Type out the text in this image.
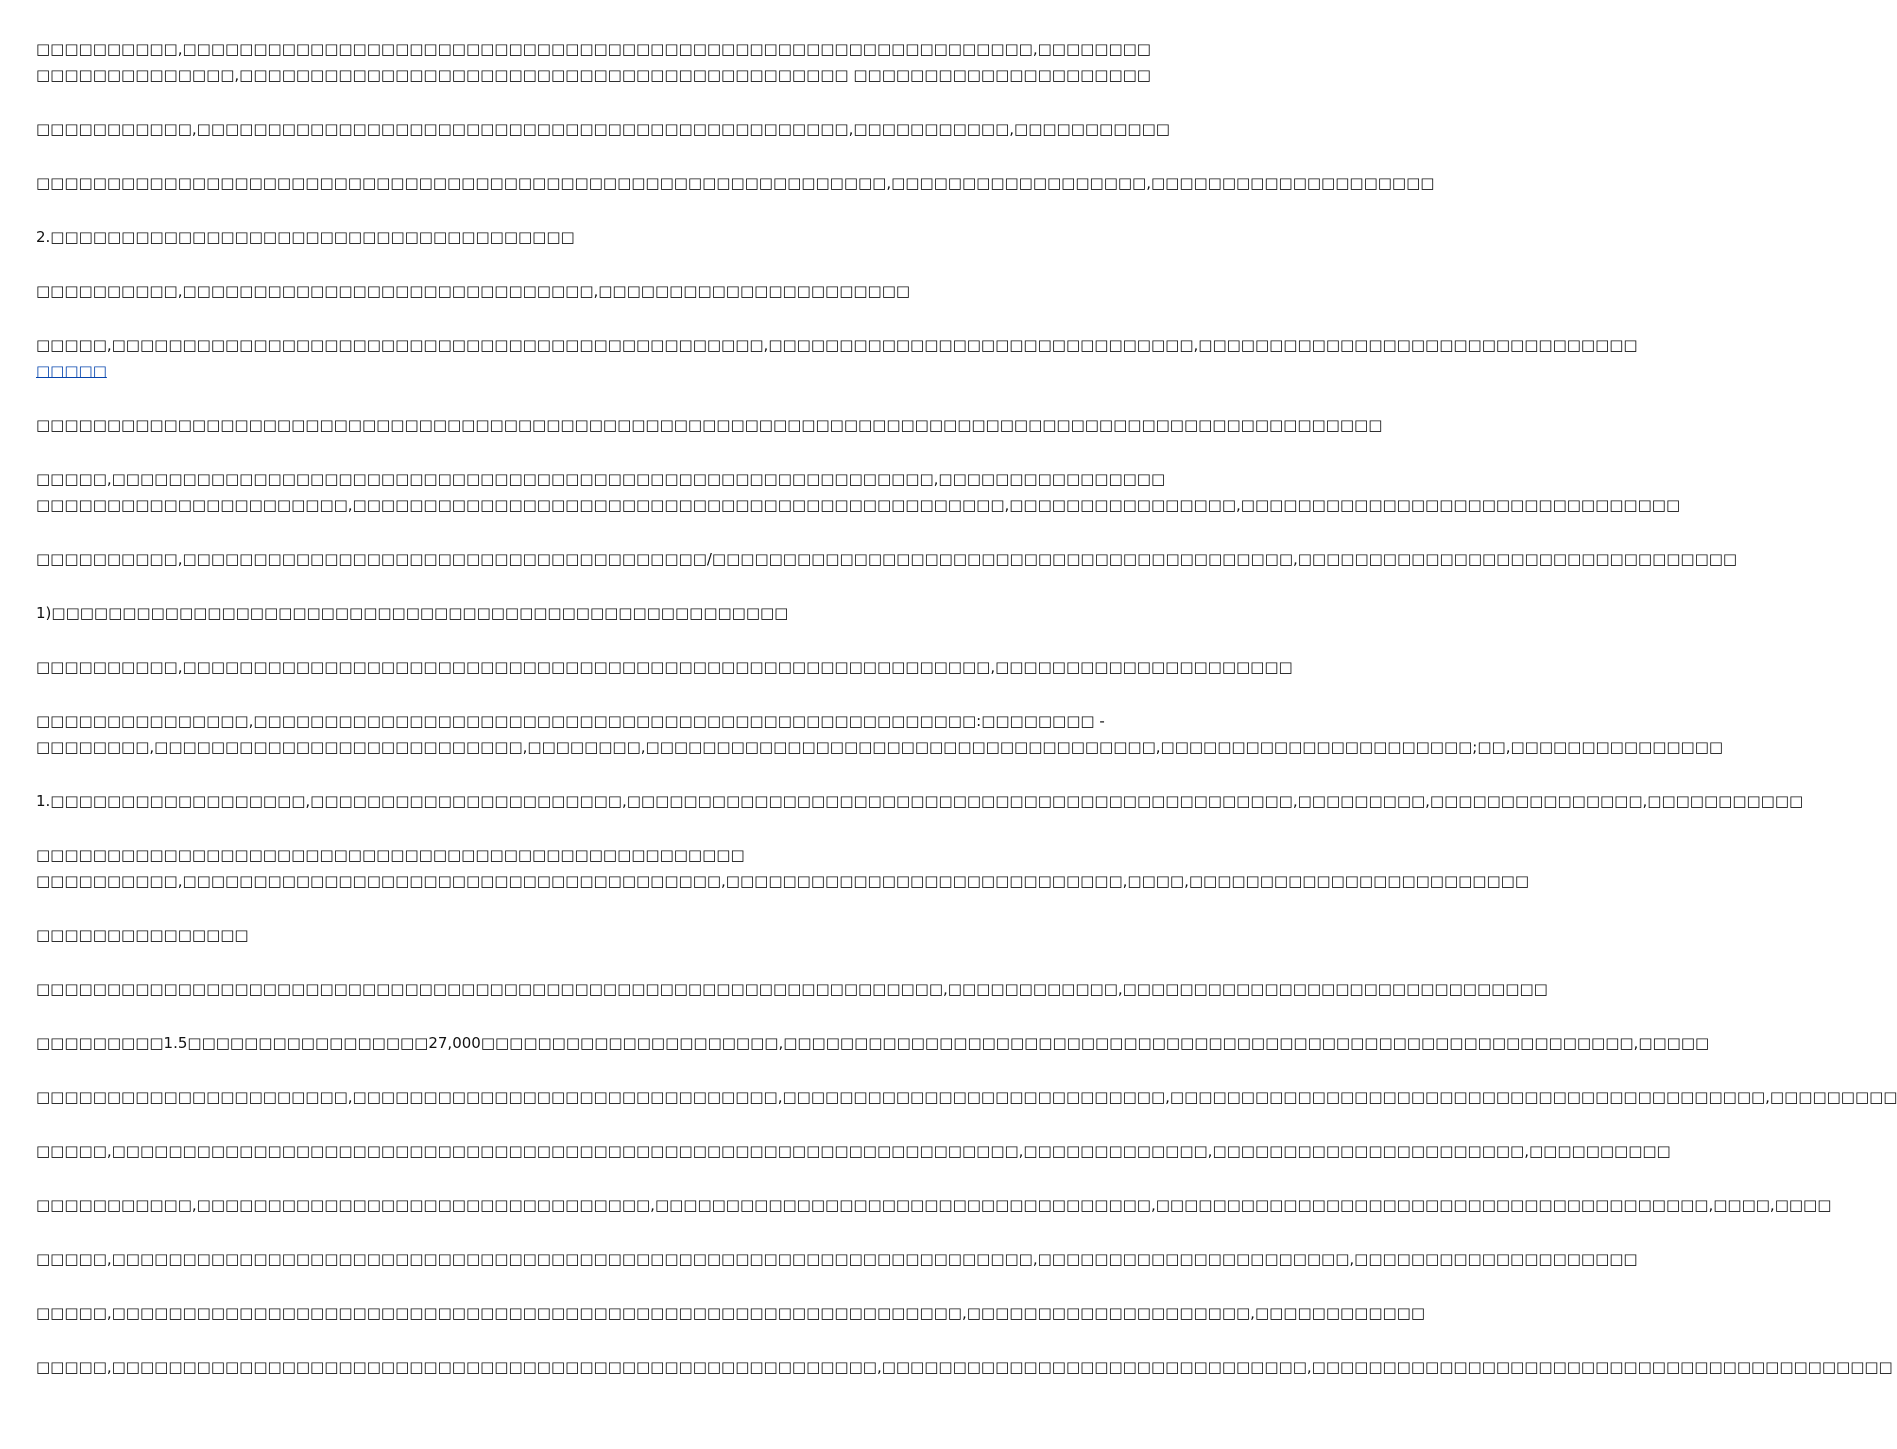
□□□□□□□□□□,□□□□□□□□□□□□□□□□□□□□□□□□□□□□□□□□□□□□□□□□□□□□□□□□□□□□□□□□□□□□,□□□□□□□□
□□□□□□□□□□□□□□,□□□□□□□□□□□□□□□□□□□□□□□□□□□□□□□□□□□□□□□□□□□ □□□□□□□□□□□□□□□□□□□□□
□□□□□□□□□□□,□□□□□□□□□□□□□□□□□□□□□□□□□□□□□□□□□□□□□□□□□□□□□□,□□□□□□□□□□□,□□□□□□□□□□□
□□□□□□□□□□□□□□□□□□□□□□□□□□□□□□□□□□□□□□□□□□□□□□□□□□□□□□□□□□□□,□□□□□□□□□□□□□□□□□□,□□□□□□□□□□□□□□□□□□□□
2.□□□□□□□□□□□□□□□□□□□□□□□□□□□□□□□□□□□□□
□□□□□□□□□□,□□□□□□□□□□□□□□□□□□□□□□□□□□□□□,□□□□□□□□□□□□□□□□□□□□□□
□□□□□,□□□□□□□□□□□□□□□□□□□□□□□□□□□□□□□□□□□□□□□□□□□□□□,□□□□□□□□□□□□□□□□□□□□□□□□□□□□□□,□□□□□□□□□□□□□□□□□□□□□□□□□□□□□□□
□□□□□
□□□□□□□□□□□□□□□□□□□□□□□□□□□□□□□□□□□□□□□□□□□□□□□□□□□□□□□□□□□□□□□□□□□□□□□□□□□□□□□□□□□□□□□□□□□□□□□
□□□□□,□□□□□□□□□□□□□□□□□□□□□□□□□□□□□□□□□□□□□□□□□□□□□□□□□□□□□□□□□□,□□□□□□□□□□□□□□□□
□□□□□□□□□□□□□□□□□□□□□□,□□□□□□□□□□□□□□□□□□□□□□□□□□□□□□□□□□□□□□□□□□□□□□,□□□□□□□□□□□□□□□□,□□□□□□□□□□□□□□□□□□□□□□□□□□□□□□□
□□□□□□□□□□,□□□□□□□□□□□□□□□□□□□□□□□□□□□□□□□□□□□□□/□□□□□□□□□□□□□□□□□□□□□□□□□□□□□□□□□□□□□□□□□,□□□□□□□□□□□□□□□□□□□□□□□□□□□□□□□
1)□□□□□□□□□□□□□□□□□□□□□□□□□□□□□□□□□□□□□□□□□□□□□□□□□□□□
□□□□□□□□□□,□□□□□□□□□□□□□□□□□□□□□□□□□□□□□□□□□□□□□□□□□□□□□□□□□□□□□□□□□,□□□□□□□□□□□□□□□□□□□□□
□□□□□□□□□□□□□□□,□□□□□□□□□□□□□□□□□□□□□□□□□□□□□□□□□□□□□□□□□□□□□□□□□□□:□□□□□□□□ -
□□□□□□□□,□□□□□□□□□□□□□□□□□□□□□□□□□□,□□□□□□□□,□□□□□□□□□□□□□□□□□□□□□□□□□□□□□□□□□□□□,□□□□□□□□□□□□□□□□□□□□□□;□□,□□□□□□□□□□□□□□□
1.□□□□□□□□□□□□□□□□□□,□□□□□□□□□□□□□□□□□□□□□□,□□□□□□□□□□□□□□□□□□□□□□□□□□□□□□□□□□□□□□□□□□□□□□□,□□□□□□□□□,□□□□□□□□□□□□□□□,□□□□□□□□□□□
□□□□□□□□□□□□□□□□□□□□□□□□□□□□□□□□□□□□□□□□□□□□□□□□□□
□□□□□□□□□□,□□□□□□□□□□□□□□□□□□□□□□□□□□□□□□□□□□□□□□,□□□□□□□□□□□□□□□□□□□□□□□□□□□□,□□□□,□□□□□□□□□□□□□□□□□□□□□□□□
□□□□□□□□□□□□□□□
□□□□□□□□□□□□□□□□□□□□□□□□□□□□□□□□□□□□□□□□□□□□□□□□□□□□□□□□□□□□□□□□,□□□□□□□□□□□□,□□□□□□□□□□□□□□□□□□□□□□□□□□□□□□
□□□□□□□□□1.5□□□□□□□□□□□□□□□□□27,000□□□□□□□□□□□□□□□□□□□□□,□□□□□□□□□□□□□□□□□□□□□□□□□□□□□□□□□□□□□□□□□□□□□□□□□□□□□□□□□□□□,□□□□□
□□□□□□□□□□□□□□□□□□□□□□,□□□□□□□□□□□□□□□□□□□□□□□□□□□□□□,□□□□□□□□□□□□□□□□□□□□□□□□□□□,□□□□□□□□□□□□□□□□□□□□□□□□□□□□□□□□□□□□□□□□□□,□□□□□□□□□
□□□□□,□□□□□□□□□□□□□□□□□□□□□□□□□□□□□□□□□□□□□□□□□□□□□□□□□□□□□□□□□□□□□□□□,□□□□□□□□□□□□□,□□□□□□□□□□□□□□□□□□□□□□,□□□□□□□□□□
□□□□□□□□□□□,□□□□□□□□□□□□□□□□□□□□□□□□□□□□□□□□,□□□□□□□□□□□□□□□□□□□□□□□□□□□□□□□□□□□,□□□□□□□□□□□□□□□□□□□□□□□□□□□□□□□□□□□□□□□,□□□□,□□□□
□□□□□,□□□□□□□□□□□□□□□□□□□□□□□□□□□□□□□□□□□□□□□□□□□□□□□□□□□□□□□□□□□□□□□□□,□□□□□□□□□□□□□□□□□□□□□□,□□□□□□□□□□□□□□□□□□□□
□□□□□,□□□□□□□□□□□□□□□□□□□□□□□□□□□□□□□□□□□□□□□□□□□□□□□□□□□□□□□□□□□□,□□□□□□□□□□□□□□□□□□□□,□□□□□□□□□□□□
□□□□□,□□□□□□□□□□□□□□□□□□□□□□□□□□□□□□□□□□□□□□□□□□□□□□□□□□□□□□,□□□□□□□□□□□□□□□□□□□□□□□□□□□□□□,□□□□□□□□□□□□□□□□□□□□□□□□□□□□□□□□□□□□□□□□□
